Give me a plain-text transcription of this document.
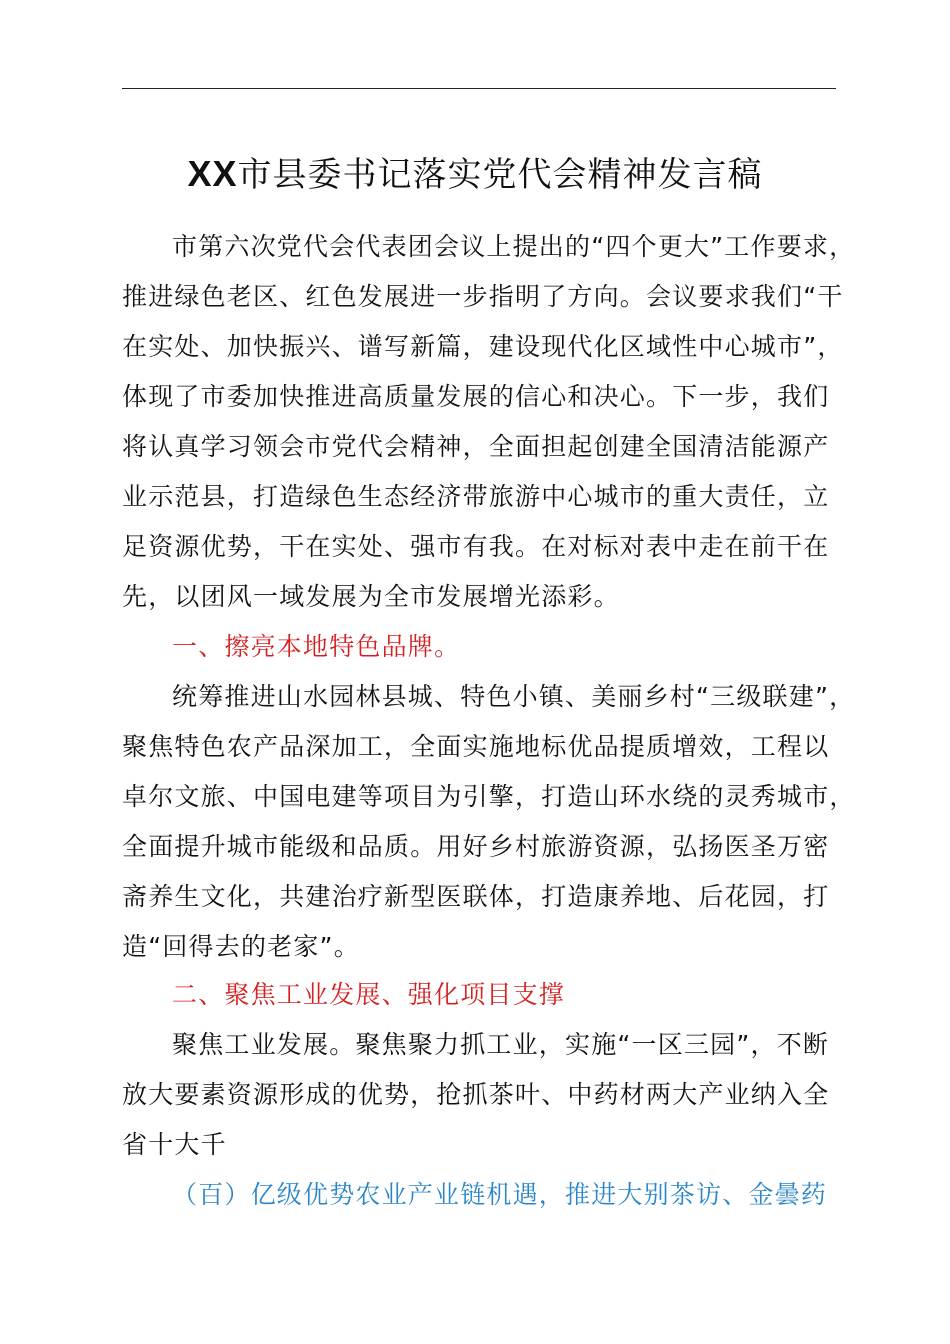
XX市县委书记落实党代会精神发言稿
市第六次党代会代表团会议上提出的“四个更大”工作要求，
推进绿色老区、红色发展进一步指明了方向。会议要求我们“干
在实处、加快振兴、谱写新篇，建设现代化区域性中心城市”，
体现了市委加快推进高质量发展的信心和决心。下一步，我们
将认真学习领会市党代会精神，全面担起创建全国清洁能源产
业示范县，打造绿色生态经济带旅游中心城市的重大责任，立
足资源优势，干在实处、强市有我。在对标对表中走在前干在
先，以团风一域发展为全市发展增光添彩。
一、擦亮本地特色品牌。
统筹推进山水园林县城、特色小镇、美丽乡村“三级联建”，
聚焦特色农产品深加工，全面实施地标优品提质增效，工程以
卓尔文旅、中国电建等项目为引擎，打造山环水绕的灵秀城市，
全面提升城市能级和品质。用好乡村旅游资源，弘扬医圣万密
斋养生文化，共建治疗新型医联体，打造康养地、后花园，打
造“回得去的老家”。
二、聚焦工业发展、强化项目支撑
聚焦工业发展。聚焦聚力抓工业，实施“一区三园”，不断
放大要素资源形成的优势，抢抓茶叶、中药材两大产业纳入全
省十大千
（百）亿级优势农业产业链机遇，推进大别茶访、金曇药
